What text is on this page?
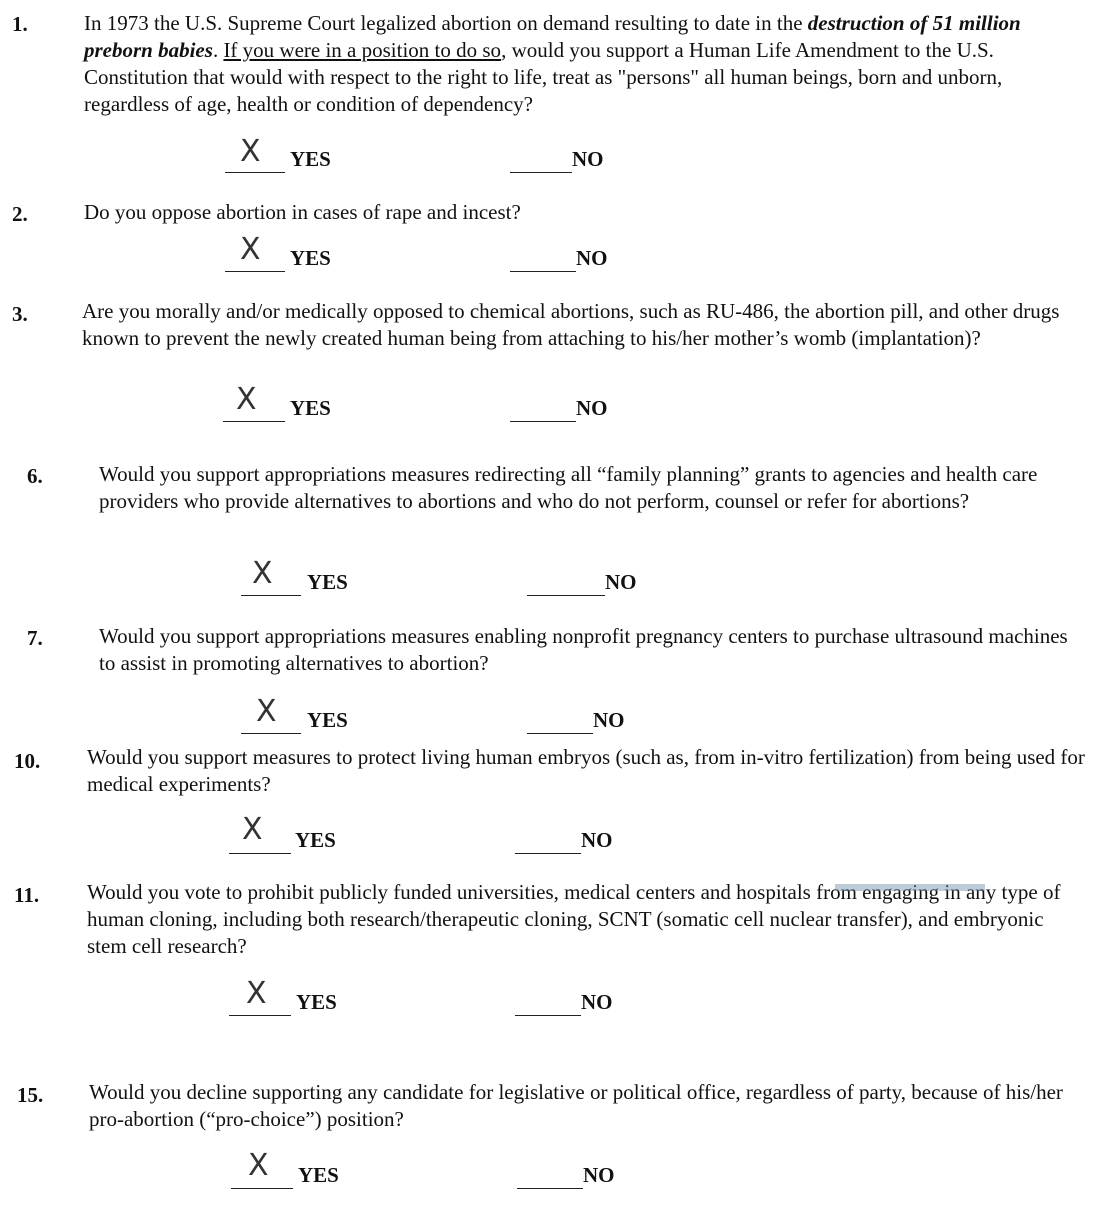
1.	In 1973 the U.S. Supreme Court legalized abortion on demand resulting to date in the destruction of 51 million preborn babies. If you were in a position to do so, would you support a Human Life Amendment to the U.S. Constitution that would with respect to the right to life, treat as "persons" all human beings, born and unborn, regardless of age, health or condition of dependency?
X YES	NO
2.	Do you oppose abortion in cases of rape and incest?
X YES	NO
3.	Are you morally and/or medically opposed to chemical abortions, such as RU-486, the abortion pill, and other drugs known to prevent the newly created human being from attaching to his/her mother’s womb (implantation)?
X YES	NO
6.	Would you support appropriations measures redirecting all “family planning” grants to agencies and health care providers who provide alternatives to abortions and who do not perform, counsel or refer for abortions?
X YES	NO
7.	Would you support appropriations measures enabling nonprofit pregnancy centers to purchase ultrasound machines to assist in promoting alternatives to abortion?
X YES	NO
10. Would you support measures to protect living human embryos (such as, from in-vitro fertilization) from being used for medical experiments?
X YES	NO
11. Would you vote to prohibit publicly funded universities, medical centers and hospitals from engaging in any type of human cloning, including both research/therapeutic cloning, SCNT (somatic cell nuclear transfer), and embryonic stem cell research?
X YES	NO
15. Would you decline supporting any candidate for legislative or political office, regardless of party, because of his/her pro-abortion (“pro-choice”) position?
X YES	NO
